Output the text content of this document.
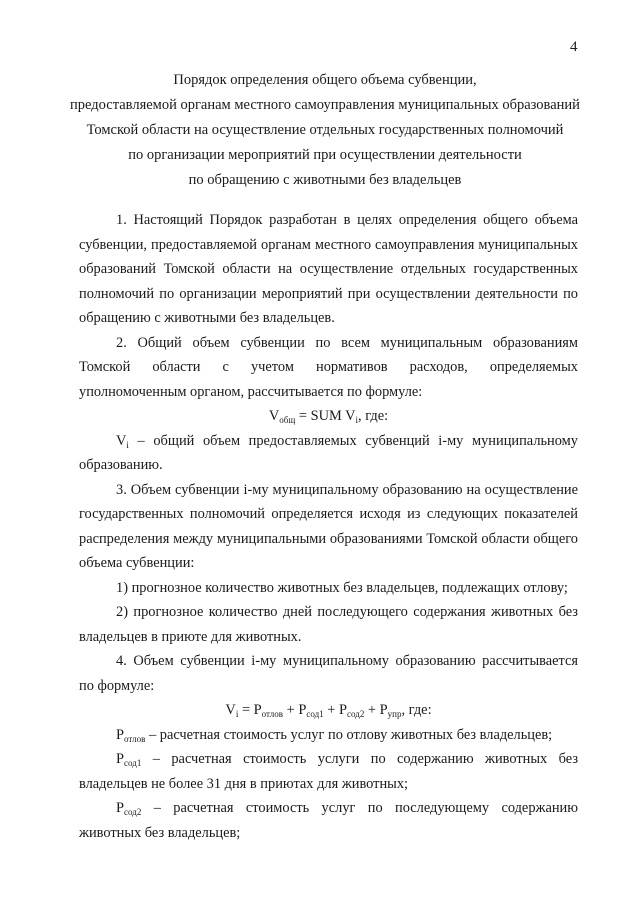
4
Порядок определения общего объема субвенции,
предоставляемой органам местного самоуправления муниципальных образований
Томской области на осуществление отдельных государственных полномочий
по организации мероприятий при осуществлении деятельности
по обращению с животными без владельцев

1. Настоящий Порядок разработан в целях определения общего объема субвенции, предоставляемой органам местного самоуправления муниципальных образований Томской области на осуществление отдельных государственных полномочий по организации мероприятий при осуществлении деятельности по обращению с животными без владельцев.

2. Общий объем субвенции по всем муниципальным образованиям Томской области с учетом нормативов расходов, определяемых уполномоченным органом, рассчитывается по формуле:

$V_{общ}$ = SUM $V_i$, где:

$V_i$ – общий объем предоставляемых субвенций i-му муниципальному образованию.

3. Объем субвенции i-му муниципальному образованию на осуществление государственных полномочий определяется исходя из следующих показателей распределения между муниципальными образованиями Томской области общего объема субвенции:

1) прогнозное количество животных без владельцев, подлежащих отлову;

2) прогнозное количество дней последующего содержания животных без владельцев в приюте для животных.

4. Объем субвенции i-му муниципальному образованию рассчитывается по формуле:

$V_i = P_{отлов} + P_{сод1} + P_{сод2} + P_{упр}$, где:

$P_{отлов}$ – расчетная стоимость услуг по отлову животных без владельцев;

$P_{сод1}$ – расчетная стоимость услуги по содержанию животных без владельцев не более 31 дня в приютах для животных;

$P_{сод2}$ – расчетная стоимость услуг по последующему содержанию животных без владельцев;
